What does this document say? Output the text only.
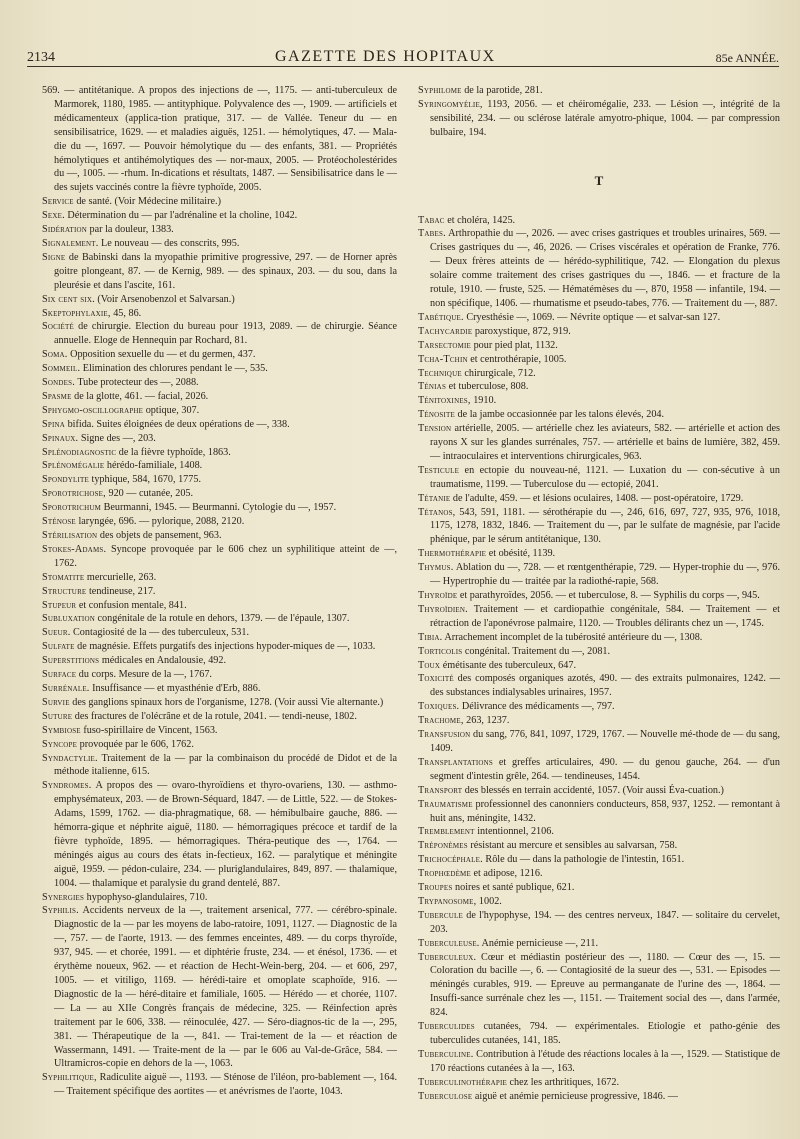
2134	GAZETTE DES HOPITAUX	85e ANNÉE.

569. — antitétanique. A propos des injections de —, 1175. — anti-tuberculeux de Marmorek, 1180, 1985. — antityphique. Polyvalence des —, 1909. — artificiels et médicamenteux (applica-tion pratique, 317. — de Vallée. Teneur du — en sensibilisatrice, 1629. — et maladies aiguës, 1251. — hémolytiques, 47. — Mala-die du —, 1697. — Pouvoir hémolytique du — des enfants, 381. — Propriétés hémolytiques et antihémolytiques des — nor-maux, 2005. — Protéocholestérides du —, 1005. — -rhum. In-dications et résultats, 1487. — Sensibilisatrice dans le — des sujets vaccinés contre la fièvre typhoïde, 2005.

Service de santé. (Voir Médecine militaire.)

Sexe. Détermination du — par l'adrénaline et la choline, 1042.

Sidération par la douleur, 1383.

Signalement. Le nouveau — des conscrits, 995.

Signe de Babinski dans la myopathie primitive progressive, 297. — de Horner après goitre plongeant, 87. — de Kernig, 989. — des spinaux, 203. — du sou, dans la pleurésie et dans l'ascite, 161.

Six cent six. (Voir Arsenobenzol et Salvarsan.)

Skeptophylaxie, 45, 86.

Société de chirurgie. Election du bureau pour 1913, 2089. — de chirurgie. Séance annuelle. Eloge de Hennequin par Rochard, 81.

Soma. Opposition sexuelle du — et du germen, 437.

Sommeil. Elimination des chlorures pendant le —, 535.

Sondes. Tube protecteur des —, 2088.

Spasme de la glotte, 461. — facial, 2026.

Sphygmo-oscillographe optique, 307.

Spina bifida. Suites éloignées de deux opérations de —, 338.

Spinaux. Signe des —, 203.

Splénodiagnostic de la fièvre typhoïde, 1863.

Splénomégalie hérédo-familiale, 1408.

Spondylite typhique, 584, 1670, 1775.

Sporotrichose, 920 — cutanée, 205.

Sporotrichum Beurmanni, 1945. — Beurmanni. Cytologie du —, 1957.

Sténose laryngée, 696. — pylorique, 2088, 2120.

Stérilisation des objets de pansement, 963.

Stokes-Adams. Syncope provoquée par le 606 chez un syphilitique atteint de —, 1762.

Stomatite mercurielle, 263.

Structure tendineuse, 217.

Stupeur et confusion mentale, 841.

Subluxation congénitale de la rotule en dehors, 1379. — de l'épaule, 1307.

Sueur. Contagiosité de la — des tuberculeux, 531.

Sulfate de magnésie. Effets purgatifs des injections hypoder-miques de —, 1033.

Superstitions médicales en Andalousie, 492.

Surface du corps. Mesure de la —, 1767.

Surrénale. Insuffisance — et myasthénie d'Erb, 886.

Survie des ganglions spinaux hors de l'organisme, 1278. (Voir aussi Vie alternante.)

Suture des fractures de l'olécrâne et de la rotule, 2041. — tendi-neuse, 1802.

Symbiose fuso-spirillaire de Vincent, 1563.

Syncope provoquée par le 606, 1762.

Syndactylie. Traitement de la — par la combinaison du procédé de Didot et de la méthode italienne, 615.

Syndromes. A propos des — ovaro-thyroïdiens et thyro-ovariens, 130. — asthmo-emphysémateux, 203. — de Brown-Séquard, 1847. — de Little, 522. — de Stokes-Adams, 1599, 1762. — dia-phragmatique, 68. — hémibulbaire gauche, 886. — hémorra-gique et néphrite aiguë, 1180. — hémorragiques précoce et tardif de la fièvre typhoïde, 1895. — hémorragiques. Théra-peutique des —, 1764. — méningés aigus au cours des états in-fectieux, 162. — paralytique et méningite aiguë, 1959. — pédon-culaire, 234. — pluriglandulaires, 849, 897. — thalamique, 1004. — thalamique et paralysie du grand dentelé, 887.

Synergies hypophyso-glandulaires, 710.

Syphilis. Accidents nerveux de la —, traitement arsenical, 777. — cérébro-spinale. Diagnostic de la — par les moyens de labo-ratoire, 1091, 1127. — Diagnostic de la —, 757. — de l'aorte, 1913. — des femmes enceintes, 489. — du corps thyroïde, 937, 945. — et chorée, 1991. — et diphtérie fruste, 234. — et énésol, 1736. — et érythème noueux, 962. — et réaction de Hecht-Wein-berg, 204. — et 606, 297, 1005. — et vitiligo, 1169. — hérédi-taire et omoplate scaphoïde, 916. — Diagnostic de la — héré-ditaire et familiale, 1605. — Hérédo — et chorée, 1107. — La — au XIIe Congrès français de médecine, 325. — Réinfection après traitement par le 606, 338. — réinoculée, 427. — Séro-diagnos-tic de la —, 295, 381. — Thérapeutique de la —, 841. — Trai-tement de la — et réaction de Wassermann, 1491. — Traite-ment de la — par le 606 au Val-de-Grâce, 584. — Ultramicros-copie en dehors de la —, 1063.

Syphilitique, Radiculite aiguë —, 1193. — Sténose de l'iléon, pro-bablement —, 164. — Traitement spécifique des aortites — et anévrismes de l'aorte, 1043.

Syphilome de la parotide, 281.

Syringomyélie, 1193, 2056. — et chéiromégalie, 233. — Lésion —, intégrité de la sensibilité, 234. — ou sclérose latérale amyotro-phique, 1004. — par compression bulbaire, 194.

T

Tabac et choléra, 1425.

Tabes. Arthropathie du —, 2026. — avec crises gastriques et troubles urinaires, 569. — Crises gastriques du —, 46, 2026. — Crises viscérales et opération de Franke, 776. — Deux frères atteints de — hérédo-syphilitique, 742. — Elongation du plexus solaire comme traitement des crises gastriques du —, 1846. — et fracture de la rotule, 1910. — fruste, 525. — Hématémèses du —, 870, 1958 — infantile, 194. — non spécifique, 1406. — rhumatisme et pseudo-tabes, 776. — Traitement du —, 887.

Tabétique. Cryesthésie —, 1069. — Névrite optique — et salvar-san 127.

Tachycardie paroxystique, 872, 919.

Tarsectomie pour pied plat, 1132.

Tcha-Tchin et centrothérapie, 1005.

Technique chirurgicale, 712.

Ténias et tuberculose, 808.

Ténitoxines, 1910.

Ténosite de la jambe occasionnée par les talons élevés, 204.

Tension artérielle, 2005. — artérielle chez les aviateurs, 582. — artérielle et action des rayons X sur les glandes surrénales, 757. — artérielle et bains de lumière, 382, 459. — intraoculaires et interventions chirurgicales, 963.

Testicule en ectopie du nouveau-né, 1121. — Luxation du — con-sécutive à un traumatisme, 1199. — Tuberculose du — ectopié, 2041.

Tétanie de l'adulte, 459. — et lésions oculaires, 1408. — post-opératoire, 1729.

Tétanos, 543, 591, 1181. — sérothérapie du —, 246, 616, 697, 727, 935, 976, 1018, 1175, 1278, 1832, 1846. — Traitement du —, par le sulfate de magnésie, par l'acide phénique, par le sérum antitétanique, 130.

Thermothérapie et obésité, 1139.

Thymus. Ablation du —, 728. — et rœntgenthérapie, 729. — Hyper-trophie du —, 976. — Hypertrophie du — traitée par la radiothé-rapie, 568.

Thyroïde et parathyroïdes, 2056. — et tuberculose, 8. — Syphilis du corps —, 945.

Thyroïdien. Traitement — et cardiopathie congénitale, 584. — Traitement — et rétraction de l'aponévrose palmaire, 1120. — Troubles délirants chez un —, 1745.

Tibia. Arrachement incomplet de la tubérosité antérieure du —, 1308.

Torticolis congénital. Traitement du —, 2081.

Toux émétisante des tuberculeux, 647.

Toxicité des composés organiques azotés, 490. — des extraits pulmonaires, 1242. — des substances indialysables urinaires, 1957.

Toxiques. Délivrance des médicaments —, 797.

Trachome, 263, 1237.

Transfusion du sang, 776, 841, 1097, 1729, 1767. — Nouvelle mé-thode de — du sang, 1409.

Transplantations et greffes articulaires, 490. — du genou gauche, 264. — d'un segment d'intestin grêle, 264. — tendineuses, 1454.

Transport des blessés en terrain accidenté, 1057. (Voir aussi Éva-cuation.)

Traumatisme professionnel des canonniers conducteurs, 858, 937, 1252. — remontant à huit ans, méningite, 1432.

Tremblement intentionnel, 2106.

Tréponèmes résistant au mercure et sensibles au salvarsan, 758.

Trichocéphale. Rôle du — dans la pathologie de l'intestin, 1651.

Trophœdème et adipose, 1216.

Troupes noires et santé publique, 621.

Trypanosome, 1002.

Tubercule de l'hypophyse, 194. — des centres nerveux, 1847. — solitaire du cervelet, 203.

Tuberculeuse. Anémie pernicieuse —, 211.

Tuberculeux. Cœur et médiastin postérieur des —, 1180. — Cœur des —, 15. — Coloration du bacille —, 6. — Contagiosité de la sueur des —, 531. — Episodes — méningés curables, 919. — Epreuve au permanganate de l'urine des —, 1864. — Insuffi-sance surrénale chez les —, 1151. — Traitement social des —, dans l'armée, 824.

Tuberculides cutanées, 794. — expérimentales. Etiologie et patho-génie des tuberculides cutanées, 141, 185.

Tuberculine. Contribution à l'étude des réactions locales à la —, 1529. — Statistique de 170 réactions cutanées à la —, 163.

Tuberculinothérapie chez les arthritiques, 1672.

Tuberculose aiguë et anémie pernicieuse progressive, 1846. —
